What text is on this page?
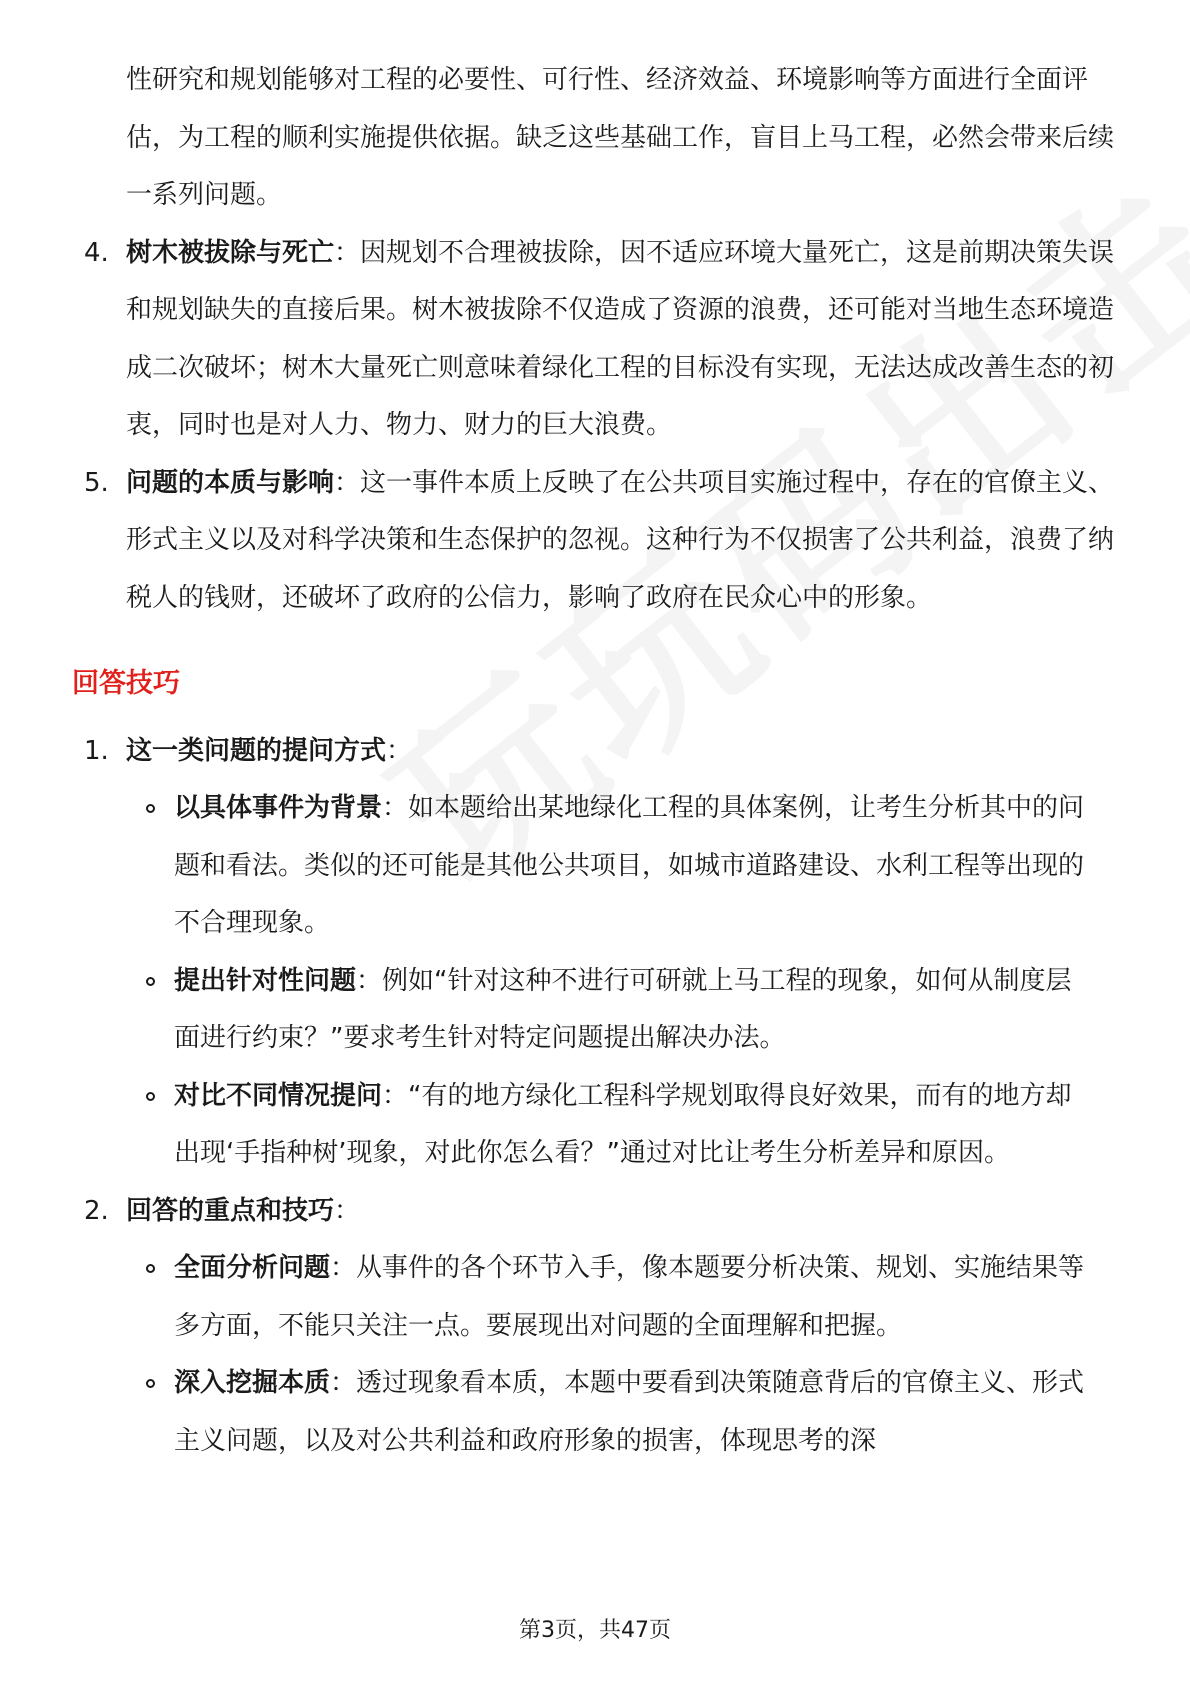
性研究和规划能够对工程的必要性、可行性、经济效益、环境影响等方面进行全面评估，为工程的顺利实施提供依据。缺乏这些基础工作，盲目上马工程，必然会带来后续一系列问题。
4. 树木被拔除与死亡：因规划不合理被拔除，因不适应环境大量死亡，这是前期决策失误和规划缺失的直接后果。树木被拔除不仅造成了资源的浪费，还可能对当地生态环境造成二次破坏；树木大量死亡则意味着绿化工程的目标没有实现，无法达成改善生态的初衷，同时也是对人力、物力、财力的巨大浪费。
5. 问题的本质与影响：这一事件本质上反映了在公共项目实施过程中，存在的官僚主义、形式主义以及对科学决策和生态保护的忽视。这种行为不仅损害了公共利益，浪费了纳税人的钱财，还破坏了政府的公信力，影响了政府在民众心中的形象。
回答技巧
1. 这一类问题的提问方式：
以具体事件为背景：如本题给出某地绿化工程的具体案例，让考生分析其中的问题和看法。类似的还可能是其他公共项目，如城市道路建设、水利工程等出现的不合理现象。
提出针对性问题：例如“针对这种不进行可研就上马工程的现象，如何从制度层面进行约束？”要求考生针对特定问题提出解决办法。
对比不同情况提问：“有的地方绿化工程科学规划取得良好效果，而有的地方却出现‘手指种树’现象，对此你怎么看？”通过对比让考生分析差异和原因。
2. 回答的重点和技巧：
全面分析问题：从事件的各个环节入手，像本题要分析决策、规划、实施结果等多方面，不能只关注一点。要展现出对问题的全面理解和把握。
深入挖掘本质：透过现象看本质，本题中要看到决策随意背后的官僚主义、形式主义问题，以及对公共利益和政府形象的损害，体现思考的深
第3页，共47页
